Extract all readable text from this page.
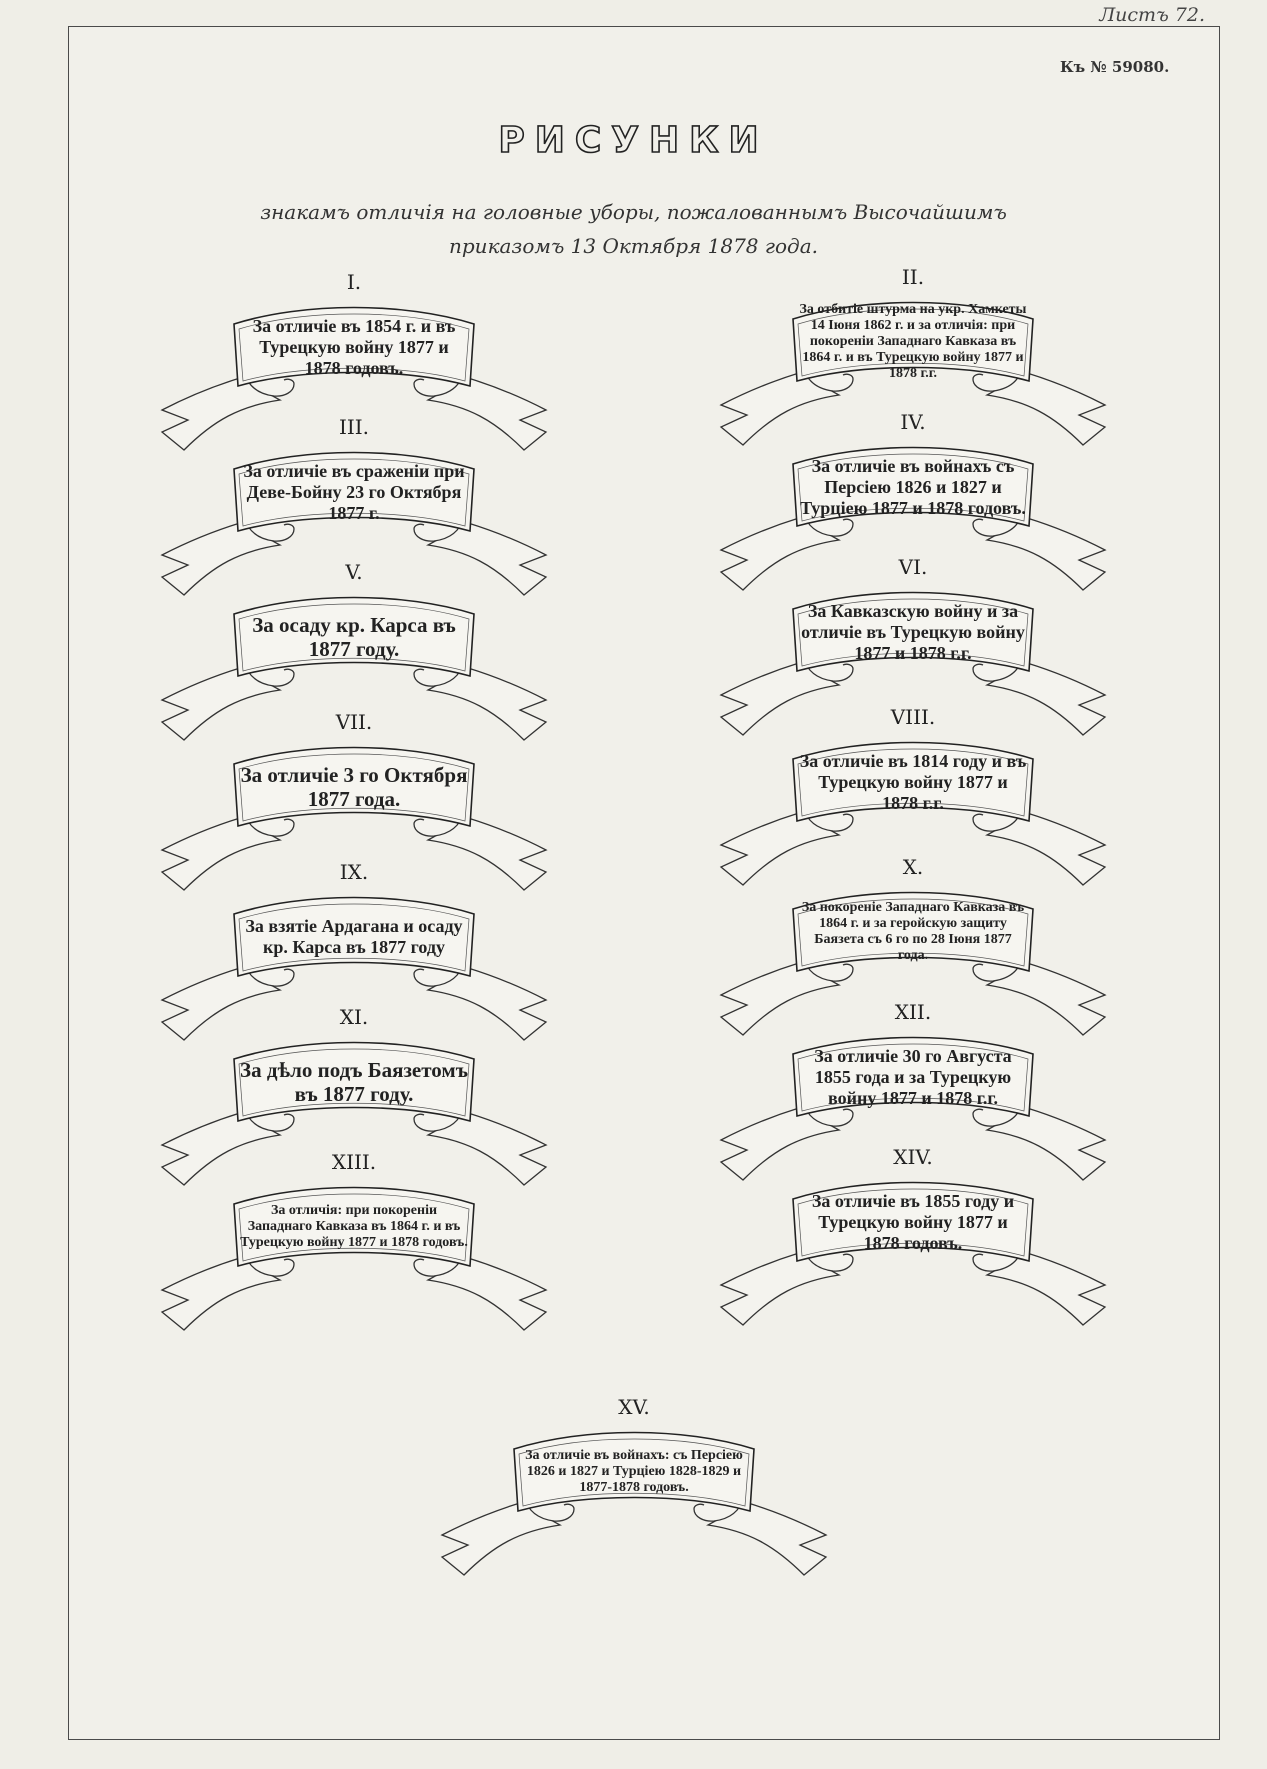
Листъ 72.
Къ № 59080.
РИСУНКИ
знакамъ отличія на головные уборы, пожалованнымъ Высочайшимъ
приказомъ 13 Октября 1878 года.
I.
За отличіе въ 1854 г. и въ Турецкую войну 1877 и 1878 годовъ.
III.
За отличіе въ сраженіи при Деве-Бойну 23 го Октября 1877 г.
V.
За осаду кр. Карса въ 1877 году.
VII.
За отличіе 3 го Октября 1877 года.
IX.
За взятіе Ардагана и осаду кр. Карса въ 1877 году
XI.
За дѣло подъ Баязетомъ въ 1877 году.
XIII.
За отличія: при покореніи Западнаго Кавказа въ 1864 г. и въ Турецкую войну 1877 и 1878 годовъ.
II.
За отбитіе штурма на укр. Хамкеты 14 Іюня 1862 г. и за отличія: при покореніи Западнаго Кавказа въ 1864 г. и въ Турецкую войну 1877 и 1878 г.г.
IV.
За отличіе въ войнахъ съ Персіею 1826 и 1827 и Турціею 1877 и 1878 годовъ.
VI.
За Кавказскую войну и за отличіе въ Турецкую войну 1877 и 1878 г.г.
VIII.
За отличіе въ 1814 году и въ Турецкую войну 1877 и 1878 г.г.
X.
За покореніе Западнаго Кавказа въ 1864 г. и за геройскую защиту Баязета съ 6 го по 28 Іюня 1877 года.
XII.
За отличіе 30 го Августа 1855 года и за Турецкую войну 1877 и 1878 г.г.
XIV.
За отличіе въ 1855 году и Турецкую войну 1877 и 1878 годовъ.
XV.
За отличіе въ войнахъ: съ Персіею 1826 и 1827 и Турціею 1828-1829 и 1877-1878 годовъ.
